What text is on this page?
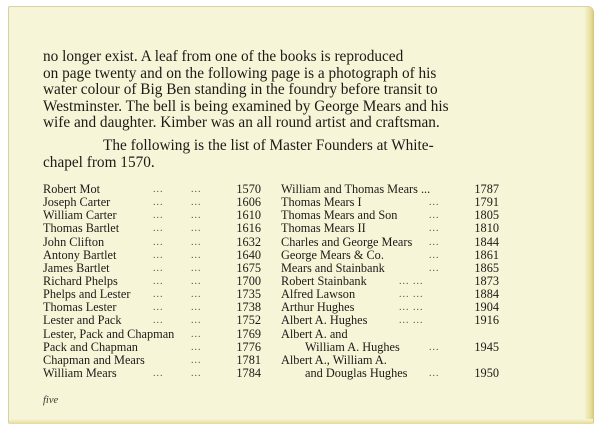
no longer exist. A leaf from one of the books is reproduced
on page twenty and on the following page is a photograph of his
water colour of Big Ben standing in the foundry before transit to
Westminster. The bell is being examined by George Mears and his
wife and daughter. Kimber was an all round artist and craftsman.

The following is the list of Master Founders at White-
chapel from 1570.

Robert Mot	...	...	1570
Joseph Carter	...	...	1606
William Carter	...	...	1610
Thomas Bartlet	...	...	1616
John Clifton	...	...	1632
Antony Bartlet	...	...	1640
James Bartlet	...	...	1675
Richard Phelps	...	...	1700
Phelps and Lester ...	...	1735
Thomas Lester	...	...	1738
Lester and Pack	...	...	1752
Lester, Pack and Chapman ...	1769
Pack and Chapman	...	1776
Chapman and Mears	...	1781
William Mears	...	...	1784
William and Thomas Mears ...	1787
Thomas Mears I	...	1791
Thomas Mears and Son	...	1805
Thomas Mears II	...	1810
Charles and George Mears ...	1844
George Mears & Co.	...	1861
Mears and Stainbank	...	1865
Robert Stainbank	... ...	1873
Alfred Lawson	... ...	1884
Arthur Hughes	... ...	1904
Albert A. Hughes	... ...	1916
Albert A. and
William A. Hughes	...	1945
Albert A., William A.
and Douglas Hughes ...	1950
five
